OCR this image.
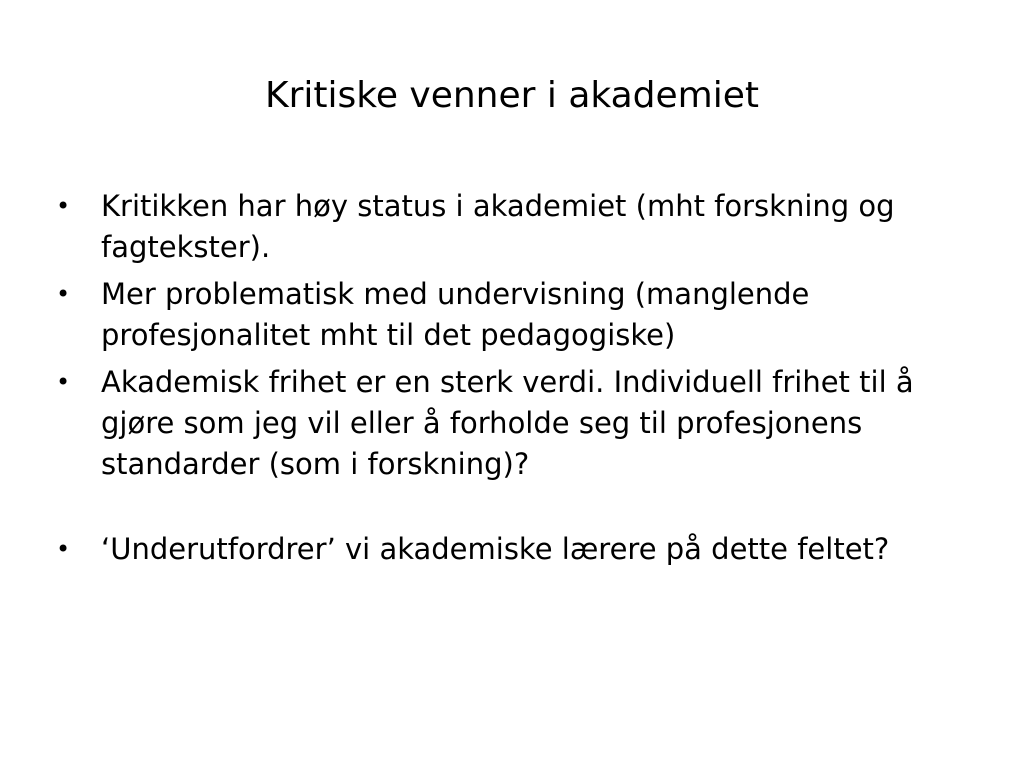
Kritiske venner i akademiet
• Kritikken har høy status i akademiet (mht forskning og fagtekster).
• Mer problematisk med undervisning (manglende profesjonalitet mht til det pedagogiske)
• Akademisk frihet er en sterk verdi. Individuell frihet til å gjøre som jeg vil eller å forholde seg til profesjonens standarder (som i forskning)?
• ‘Underutfordrer’ vi akademiske lærere på dette feltet?
